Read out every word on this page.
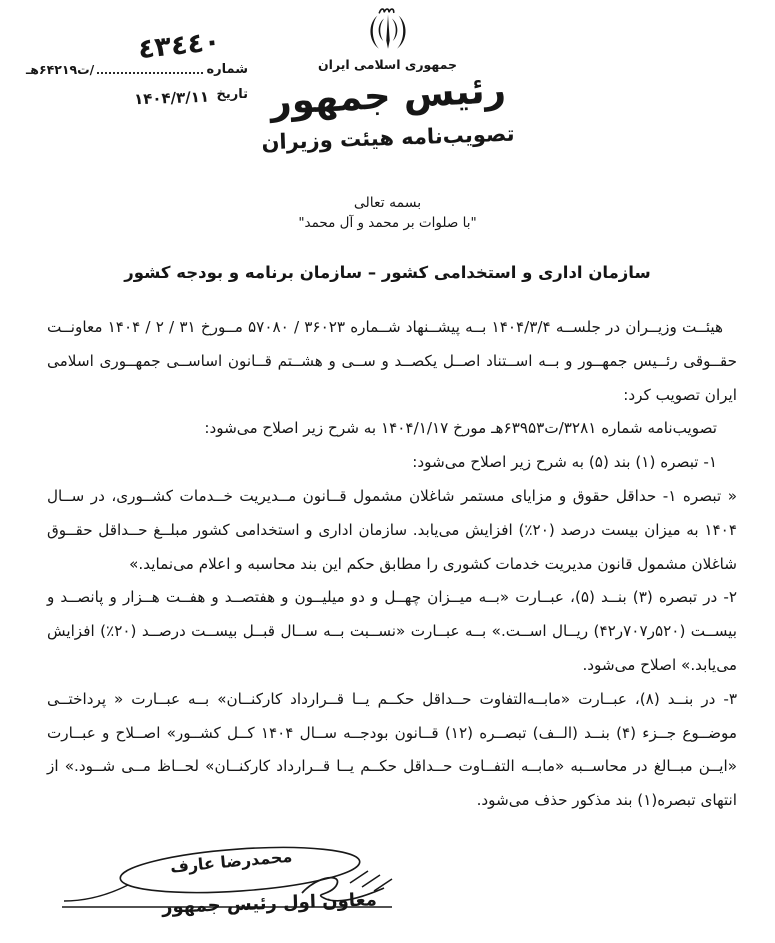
٤٣٤٤٠
شماره
/ت۶۴۲۱۹هـ
تاریخ
۱۴۰۴/۳/۱۱
جمهوری اسلامی ایران
رئیس جمهور
تصویب‌نامه هیئت وزیران
بسمه تعالی
"با صلوات بر محمد و آل محمد"
سازمان اداری و استخدامی کشور – سازمان برنامه و بودجه کشور

هیئــت وزیــران در جلســه ۱۴۰۴/۳/۴ بــه پیشــنهاد شــماره ۳۶۰۲۳ / ۵۷۰۸۰ مــورخ ۳۱ / ۲ / ۱۴۰۴ معاونــت حقــوقی رئــیس جمهــور و بــه اســتناد اصــل یکصــد و ســی و هشــتم قــانون اساســی جمهــوری اسلامی ایران تصویب کرد:

تصویب‌نامه شماره ۳۲۸۱/ت۶۳۹۵۳هـ مورخ ۱۴۰۴/۱/۱۷ به شرح زیر اصلاح می‌شود:

۱- تبصره (۱) بند (۵) به شرح زیر اصلاح می‌شود:

« تبصره ۱- حداقل حقوق و مزایای مستمر شاغلان مشمول قــانون مــدیریت خــدمات کشــوری، در ســال ۱۴۰۴ به میزان بیست درصد (۲۰٪) افزایش می‌یابد. سازمان اداری و استخدامی کشور مبلــغ حــداقل حقــوق شاغلان مشمول قانون مدیریت خدمات کشوری را مطابق حکم این بند محاسبه و اعلام می‌نماید.»

۲- در تبصره (۳) بنــد (۵)، عبــارت «بــه میــزان چهــل و دو میلیــون و هفتصــد و هفــت هــزار و پانصــد و بیســت (۵۲۰ر۷۰۷ر۴۲) ریــال اســت.» بــه عبــارت «نســبت بــه ســال قبــل بیســت درصــد (۲۰٪) افزایش می‌یابد.» اصلاح می‌شود.

۳- در بنــد (۸)، عبــارت «مابــه‌التفاوت حــداقل حکــم یــا قــرارداد کارکنــان» بــه عبــارت « پرداختــی موضــوع جــزء (۴) بنــد (الــف) تبصــره (۱۲) قــانون بودجــه ســال ۱۴۰۴ کــل کشــور» اصــلاح و عبــارت «ایــن مبــالغ در محاســبه «مابــه التفــاوت حــداقل حکــم یــا قــرارداد کارکنــان» لحــاظ مــی شــود.» از انتهای تبصره(۱) بند مذکور حذف می‌شود.

محمدرضا عارف
معاون اول رئیس جمهور
